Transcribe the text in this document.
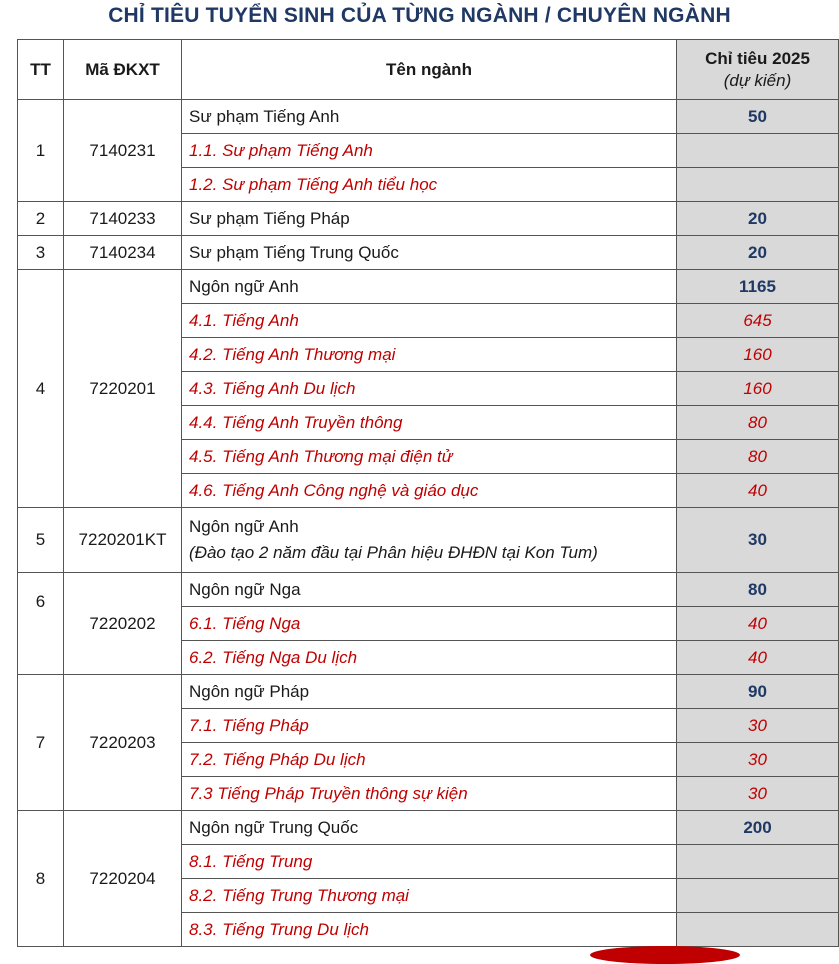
CHỈ TIÊU TUYỂN SINH CỦA TỪNG NGÀNH / CHUYÊN NGÀNH
TT	Mã ĐKXT	Tên ngành	Chỉ tiêu 2025
(dự kiến)

1	7140231	Sư phạm Tiếng Anh	50
		1.1. Sư phạm Tiếng Anh	
		1.2. Sư phạm Tiếng Anh tiểu học	
2	7140233	Sư phạm Tiếng Pháp	20
3	7140234	Sư phạm Tiếng Trung Quốc	20
4	7220201	Ngôn ngữ Anh	1165
		4.1. Tiếng Anh	645
		4.2. Tiếng Anh Thương mại	160
		4.3. Tiếng Anh Du lịch	160
		4.4. Tiếng Anh Truyền thông	80
		4.5. Tiếng Anh Thương mại điện tử	80
		4.6. Tiếng Anh Công nghệ và giáo dục	40
5	7220201KT	Ngôn ngữ Anh
(Đào tạo 2 năm đầu tại Phân hiệu ĐHĐN tại Kon Tum)	30
6	7220202	Ngôn ngữ Nga	80
		6.1. Tiếng Nga	40
		6.2. Tiếng Nga Du lịch	40
7	7220203	Ngôn ngữ Pháp	90
		7.1. Tiếng Pháp	30
		7.2. Tiếng Pháp Du lịch	30
		7.3 Tiếng Pháp Truyền thông sự kiện	30
8	7220204	Ngôn ngữ Trung Quốc	200
		8.1. Tiếng Trung	
		8.2. Tiếng Trung Thương mại	
		8.3. Tiếng Trung Du lịch	
